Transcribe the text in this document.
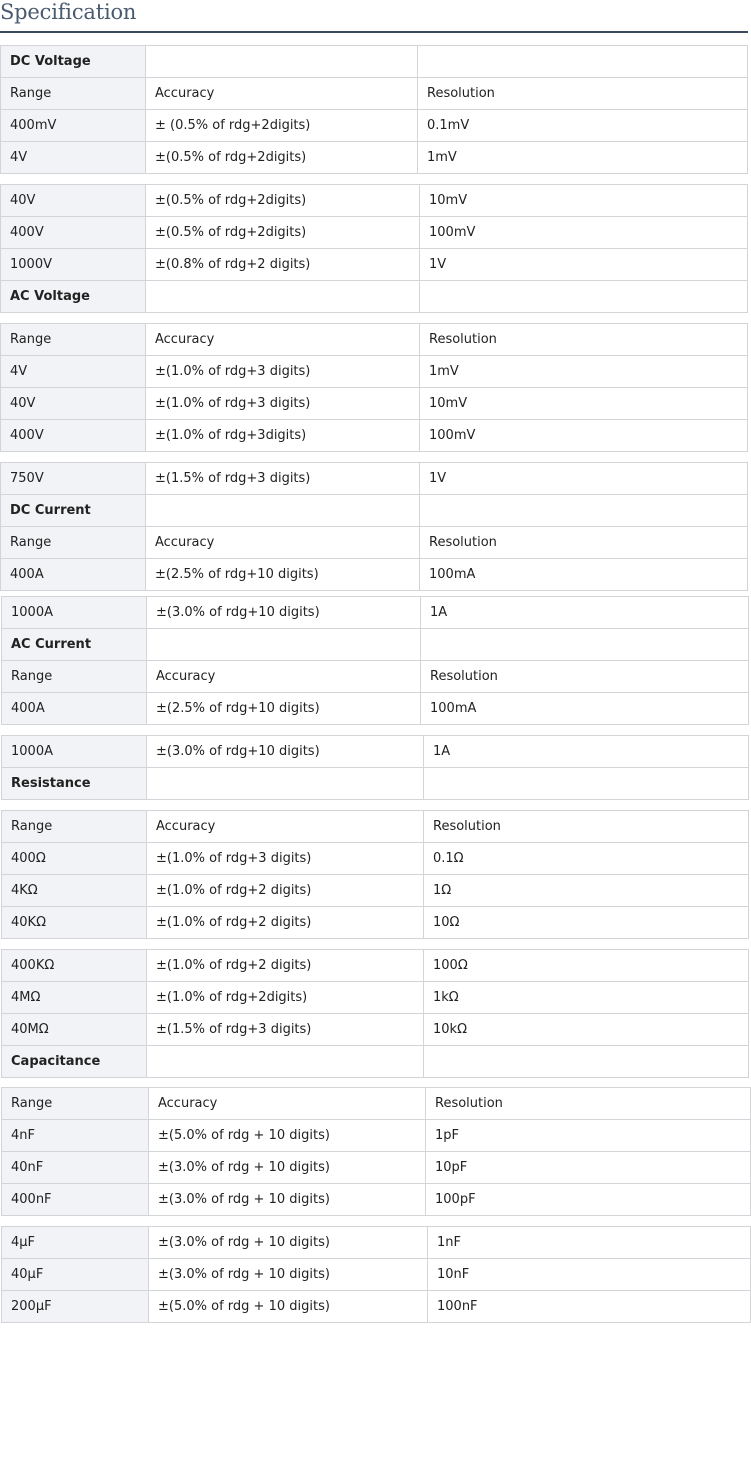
Specification
DC Voltage		
Range	Accuracy	Resolution
400mV	± (0.5% of rdg+2digits)	0.1mV
4V	±(0.5% of rdg+2digits)	1mV
40V	±(0.5% of rdg+2digits)	10mV
400V	±(0.5% of rdg+2digits)	100mV
1000V	±(0.8% of rdg+2 digits)	1V
AC Voltage		
Range	Accuracy	Resolution
4V	±(1.0% of rdg+3 digits)	1mV
40V	±(1.0% of rdg+3 digits)	10mV
400V	±(1.0% of rdg+3digits)	100mV
750V	±(1.5% of rdg+3 digits)	1V
DC Current		
Range	Accuracy	Resolution
400A	±(2.5% of rdg+10 digits)	100mA
1000A	±(3.0% of rdg+10 digits)	1A
AC Current		
Range	Accuracy	Resolution
400A	±(2.5% of rdg+10 digits)	100mA
1000A	±(3.0% of rdg+10 digits)	1A
Resistance		
Range	Accuracy	Resolution
400Ω	±(1.0% of rdg+3 digits)	0.1Ω
4KΩ	±(1.0% of rdg+2 digits)	1Ω
40KΩ	±(1.0% of rdg+2 digits)	10Ω
400KΩ	±(1.0% of rdg+2 digits)	100Ω
4MΩ	±(1.0% of rdg+2digits)	1kΩ
40MΩ	±(1.5% of rdg+3 digits)	10kΩ
Capacitance		
Range	Accuracy	Resolution
4nF	±(5.0% of rdg + 10 digits)	1pF
40nF	±(3.0% of rdg + 10 digits)	10pF
400nF	±(3.0% of rdg + 10 digits)	100pF
4µF	±(3.0% of rdg + 10 digits)	1nF
40µF	±(3.0% of rdg + 10 digits)	10nF
200µF	±(5.0% of rdg + 10 digits)	100nF
